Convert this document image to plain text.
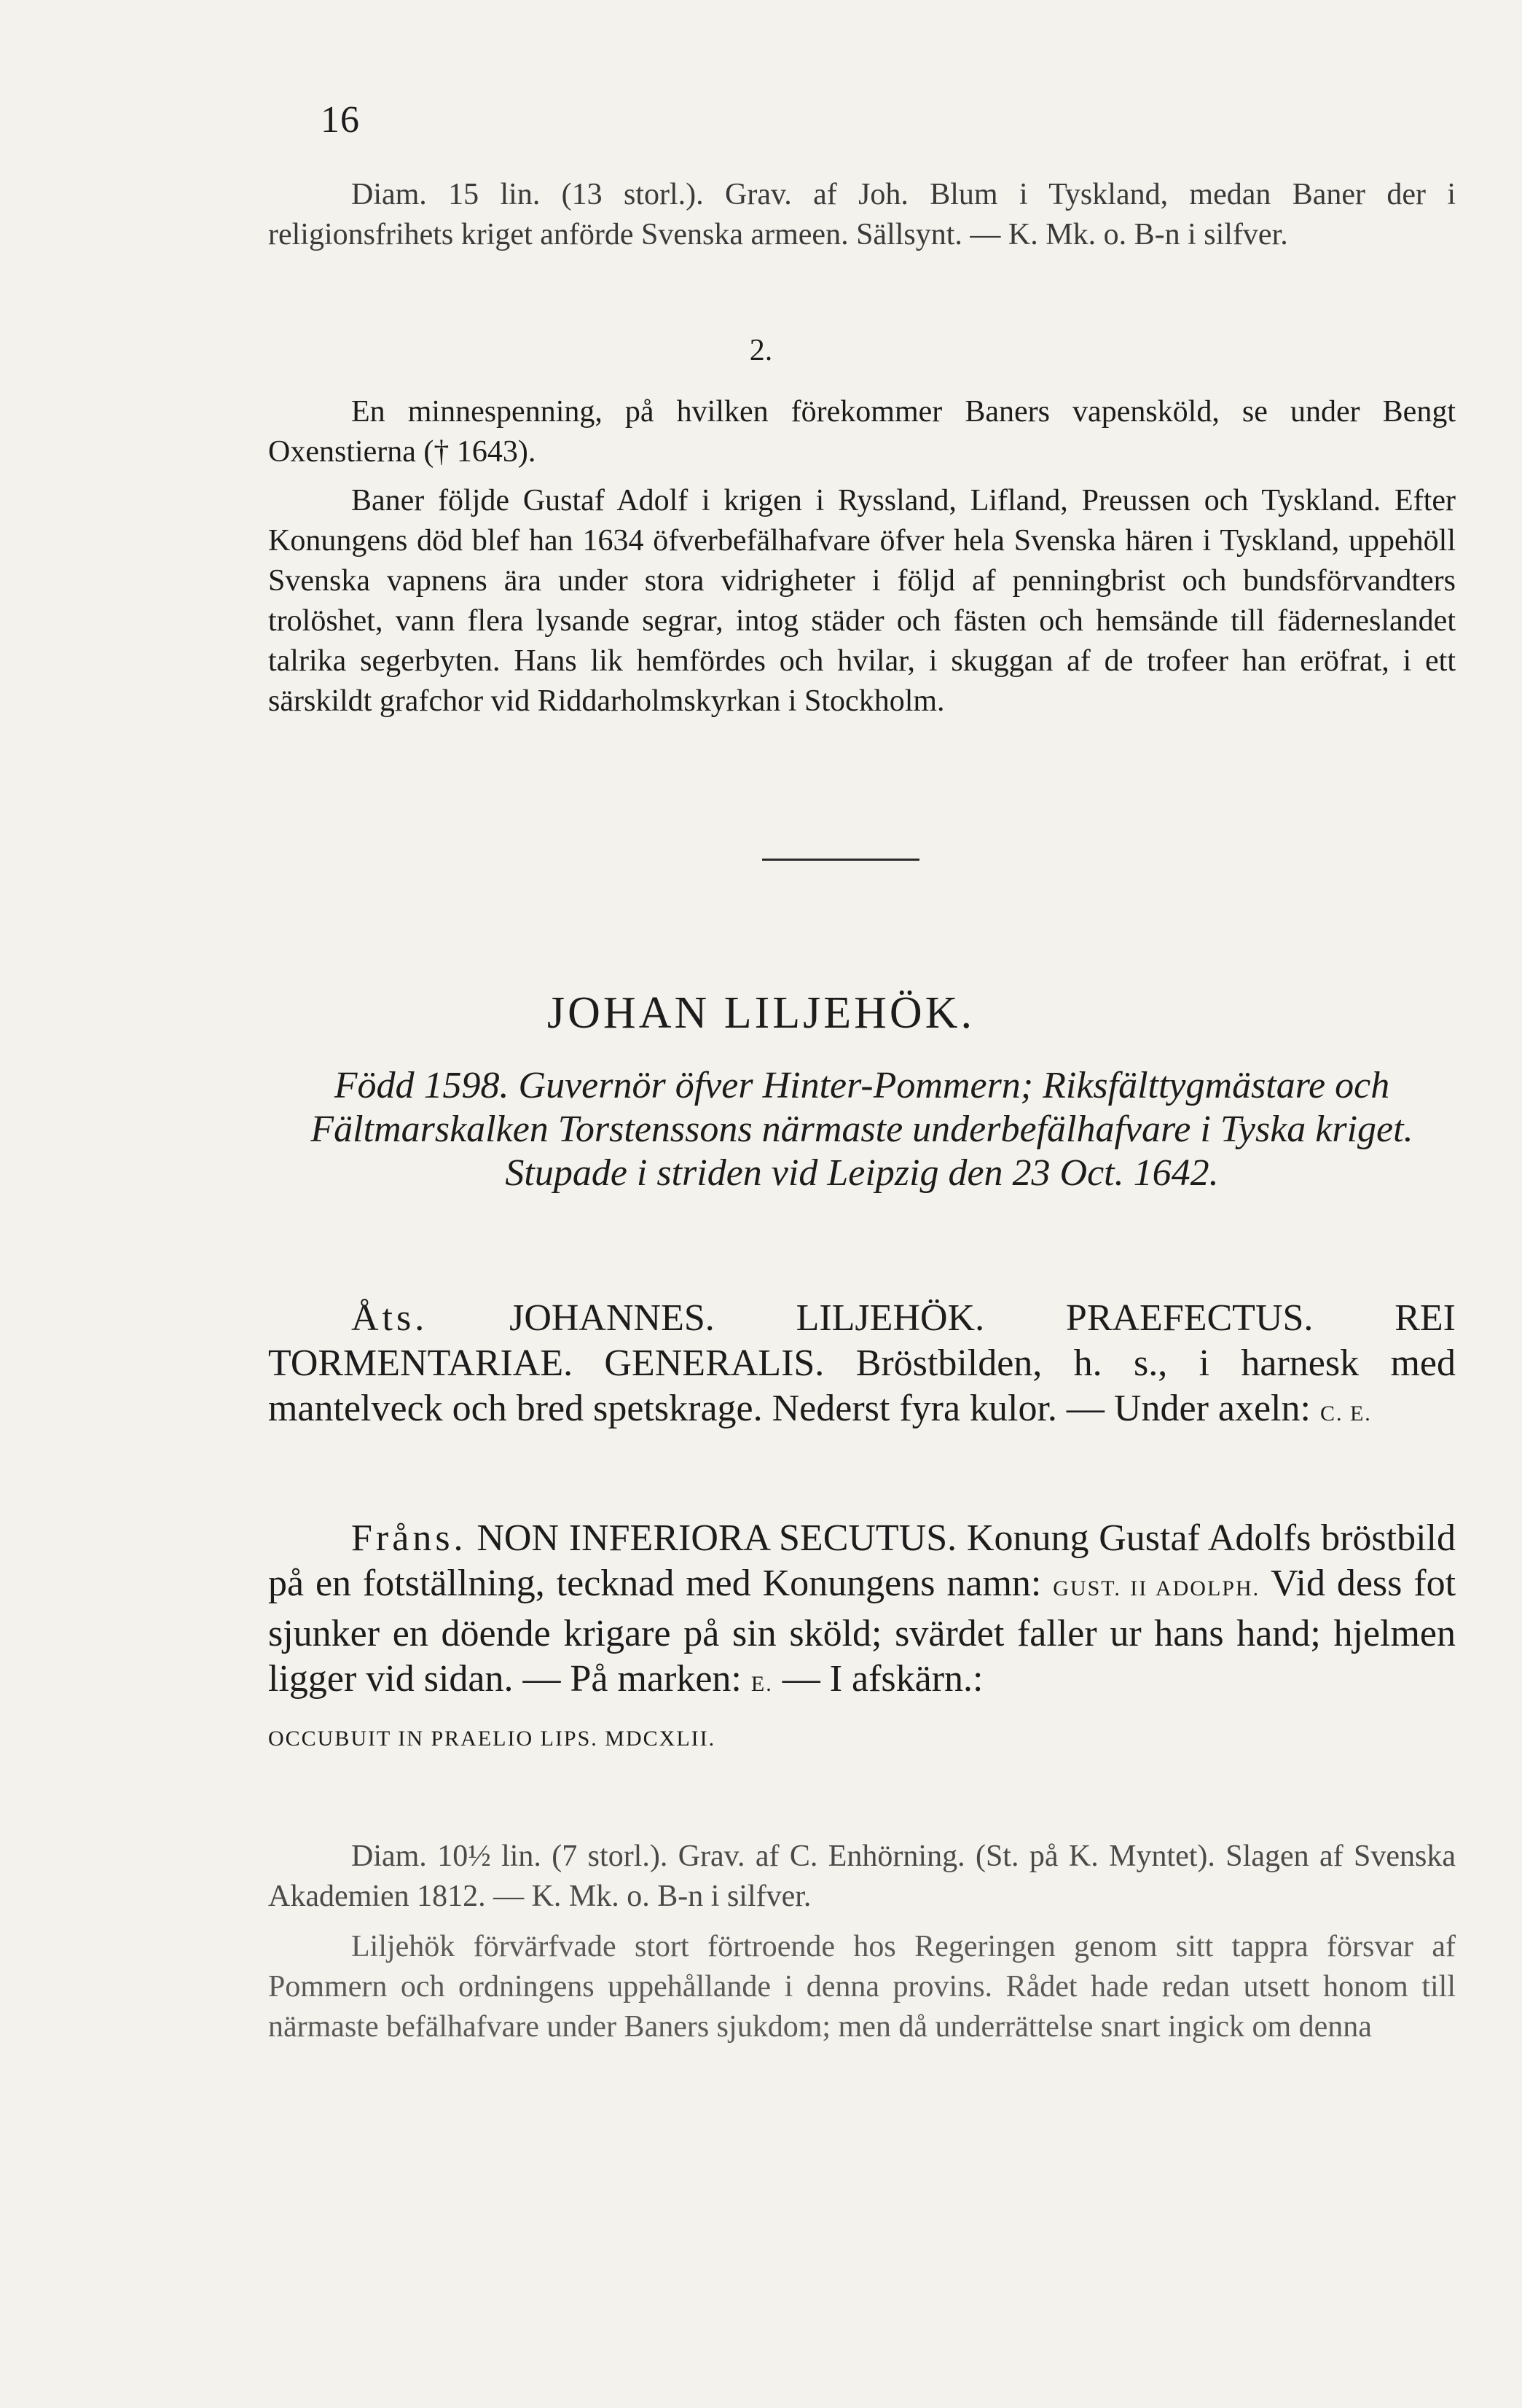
16

Diam. 15 lin. (13 storl.). Grav. af Joh. Blum i Tyskland, medan Baner der i religionsfrihets kriget anförde Svenska armeen. Sällsynt. — K. Mk. o. B-n i silfver.

2.

En minnespenning, på hvilken förekommer Baners vapensköld, se under Bengt Oxenstierna († 1643).

Baner följde Gustaf Adolf i krigen i Ryssland, Lifland, Preussen och Tyskland. Efter Konungens död blef han 1634 öfverbefälhafvare öfver hela Svenska hären i Tyskland, uppehöll Svenska vapnens ära under stora vidrigheter i följd af penningbrist och bundsförvandters trolöshet, vann flera lysande segrar, intog städer och fästen och hemsände till fäderneslandet talrika segerbyten. Hans lik hemfördes och hvilar, i skuggan af de trofeer han eröfrat, i ett särskildt grafchor vid Riddarholmskyrkan i Stockholm.

JOHAN LILJEHÖK.
Född 1598. Guvernör öfver Hinter-Pommern; Riksfälttygmästare och Fältmarskalken Torstenssons närmaste underbefälhafvare i Tyska kriget. Stupade i striden vid Leipzig den 23 Oct. 1642.

Åts. JOHANNES. LILJEHÖK. PRAEFECTUS. REI TORMENTARIAE. GENERALIS. Bröstbilden, h. s., i harnesk med mantelveck och bred spetskrage. Nederst fyra kulor. — Under axeln: C. E.

Fråns. NON INFERIORA SECUTUS. Konung Gustaf Adolfs bröstbild på en fotställning, tecknad med Konungens namn: GUST. II ADOLPH. Vid dess fot sjunker en döende krigare på sin sköld; svärdet faller ur hans hand; hjelmen ligger vid sidan. — På marken: E. — I afskärn.:

OCCUBUIT IN PRAELIO LIPS. MDCXLII.

Diam. 10½ lin. (7 storl.). Grav. af C. Enhörning. (St. på K. Myntet). Slagen af Svenska Akademien 1812. — K. Mk. o. B-n i silfver.

Liljehök förvärfvade stort förtroende hos Regeringen genom sitt tappra försvar af Pommern och ordningens uppehållande i denna provins. Rådet hade redan utsett honom till närmaste befälhafvare under Baners sjukdom; men då underrättelse snart ingick om denna
